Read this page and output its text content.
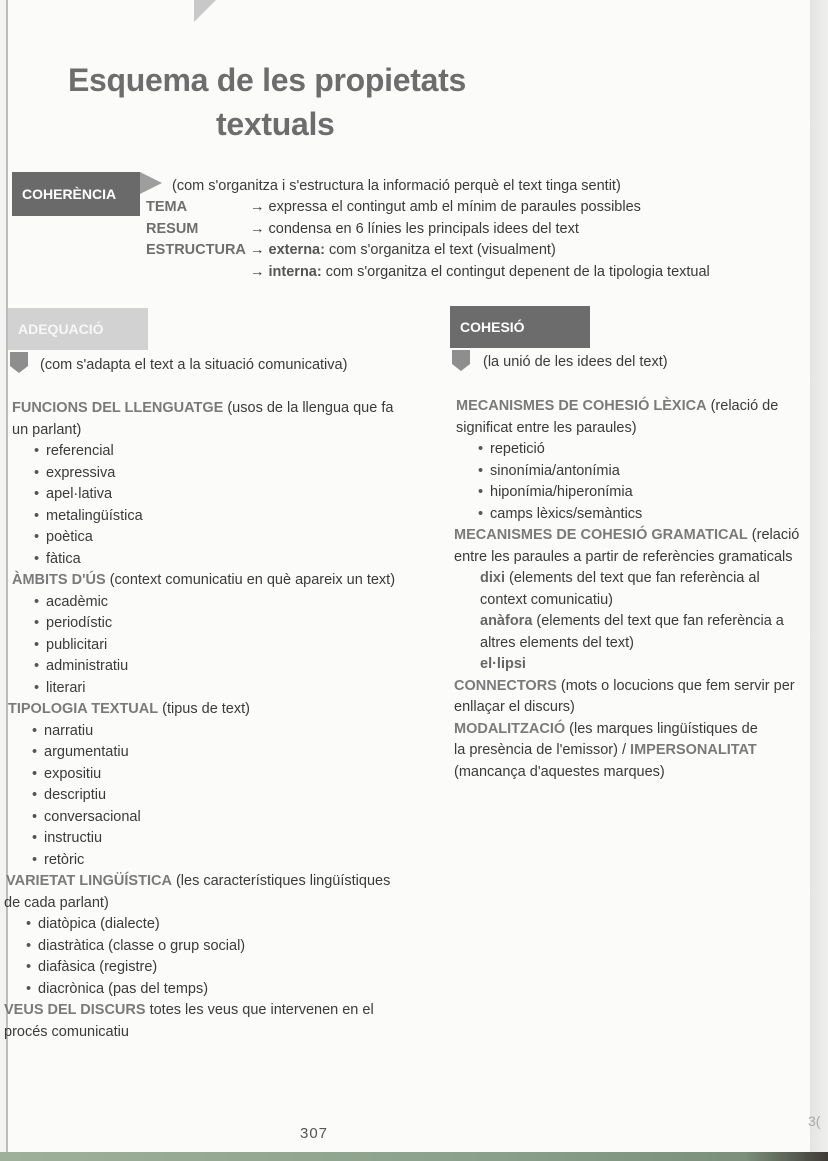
Esquema de les propietats
textuals
COHERÈNCIA	(com s'organitza i s'estructura la informació perquè el text tinga sentit)
TEMA	→ expressa el contingut amb el mínim de paraules possibles
RESUM	→ condensa en 6 línies les principals idees del text
ESTRUCTURA → externa: com s'organitza el text (visualment)
→ interna: com s'organitza el contingut depenent de la tipologia textual
ADEQUACIÓ
(com s'adapta el text a la situació comunicativa)
FUNCIONS DEL LLENGUATGE (usos de la llengua que fa
un parlant)
• referencial
• expressiva
• apel·lativa
• metalingüística
• poètica
• fàtica
ÀMBITS D'ÚS (context comunicatiu en què apareix un text)
• acadèmic
• periodístic
• publicitari
• administratiu
• literari
TIPOLOGIA TEXTUAL (tipus de text)
• narratiu
• argumentatiu
• expositiu
• descriptiu
• conversacional
• instructiu
• retòric
VARIETAT LINGÜÍSTICA (les característiques lingüístiques
de cada parlant)
• diatòpica (dialecte)
• diastràtica (classe o grup social)
• diafàsica (registre)
• diacrònica (pas del temps)
VEUS DEL DISCURS totes les veus que intervenen en el
procés comunicatiu
COHESIÓ
(la unió de les idees del text)
MECANISMES DE COHESIÓ LÈXICA (relació de
significat entre les paraules)
• repetició
• sinonímia/antonímia
• hiponímia/hiperonímia
• camps lèxics/semàntics
MECANISMES DE COHESIÓ GRAMATICAL (relació
entre les paraules a partir de referències gramaticals
dixi (elements del text que fan referència al
context comunicatiu)
anàfora (elements del text que fan referència a
altres elements del text)
el·lipsi
CONNECTORS (mots o locucions que fem servir per
enllaçar el discurs)
MODALITZACIÓ (les marques lingüístiques de
la presència de l'emissor) / IMPERSONALITAT
(mancança d'aquestes marques)
307
3(
